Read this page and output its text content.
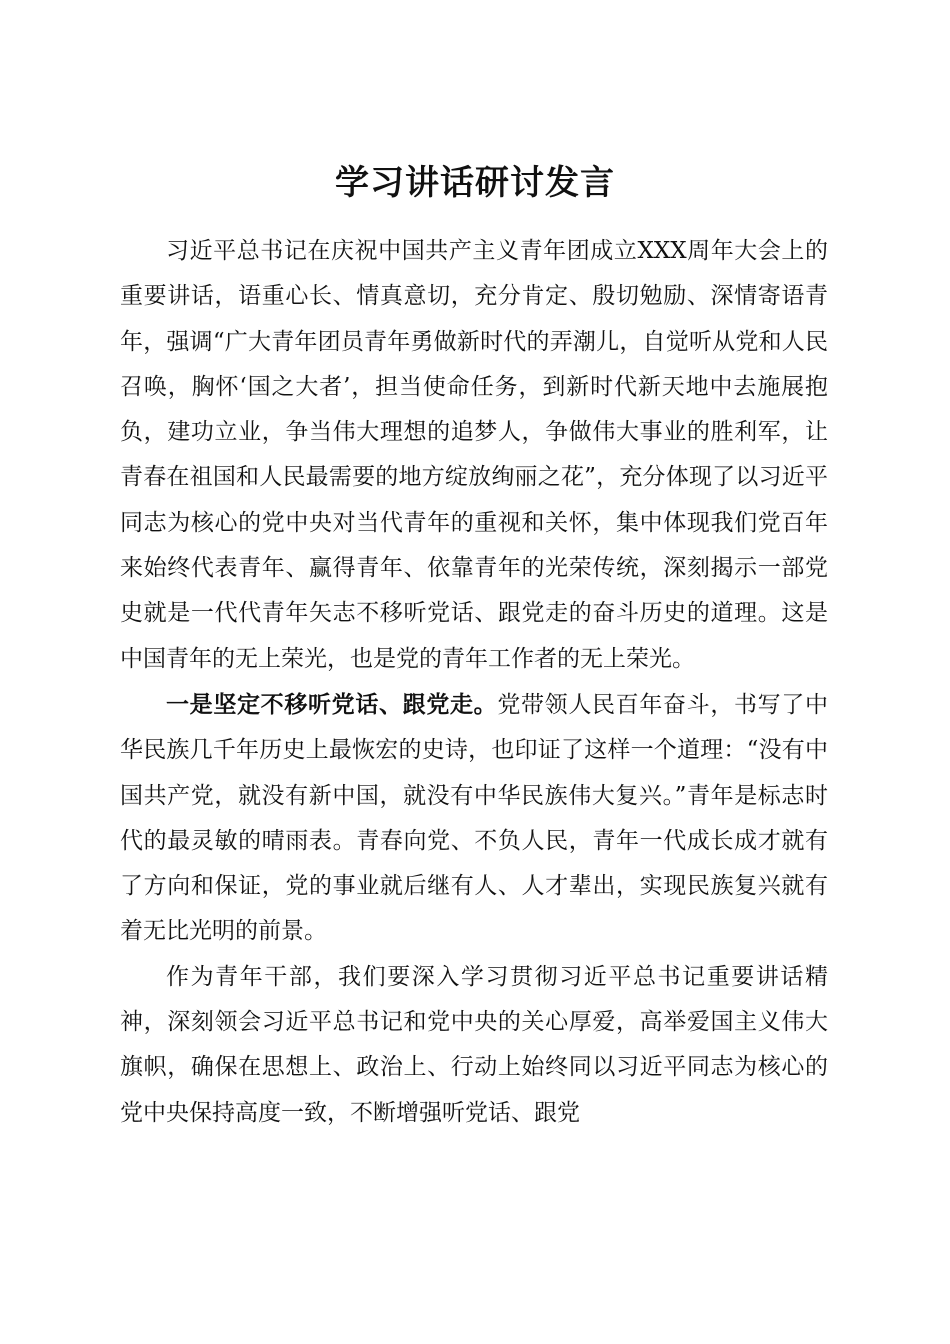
学习讲话研讨发言

习近平总书记在庆祝中国共产主义青年团成立XXX周年大会上的重要讲话，语重心长、情真意切，充分肯定、殷切勉励、深情寄语青年，强调“广大青年团员青年勇做新时代的弄潮儿，自觉听从党和人民召唤，胸怀‘国之大者’，担当使命任务，到新时代新天地中去施展抱负，建功立业，争当伟大理想的追梦人，争做伟大事业的胜利军，让青春在祖国和人民最需要的地方绽放绚丽之花”，充分体现了以习近平同志为核心的党中央对当代青年的重视和关怀，集中体现我们党百年来始终代表青年、赢得青年、依靠青年的光荣传统，深刻揭示一部党史就是一代代青年矢志不移听党话、跟党走的奋斗历史的道理。这是中国青年的无上荣光，也是党的青年工作者的无上荣光。

一是坚定不移听党话、跟党走。党带领人民百年奋斗，书写了中华民族几千年历史上最恢宏的史诗，也印证了这样一个道理：“没有中国共产党，就没有新中国，就没有中华民族伟大复兴。”青年是标志时代的最灵敏的晴雨表。青春向党、不负人民，青年一代成长成才就有了方向和保证，党的事业就后继有人、人才辈出，实现民族复兴就有着无比光明的前景。

作为青年干部，我们要深入学习贯彻习近平总书记重要讲话精神，深刻领会习近平总书记和党中央的关心厚爱，高举爱国主义伟大旗帜，确保在思想上、政治上、行动上始终同以习近平同志为核心的党中央保持高度一致，不断增强听党话、跟党
